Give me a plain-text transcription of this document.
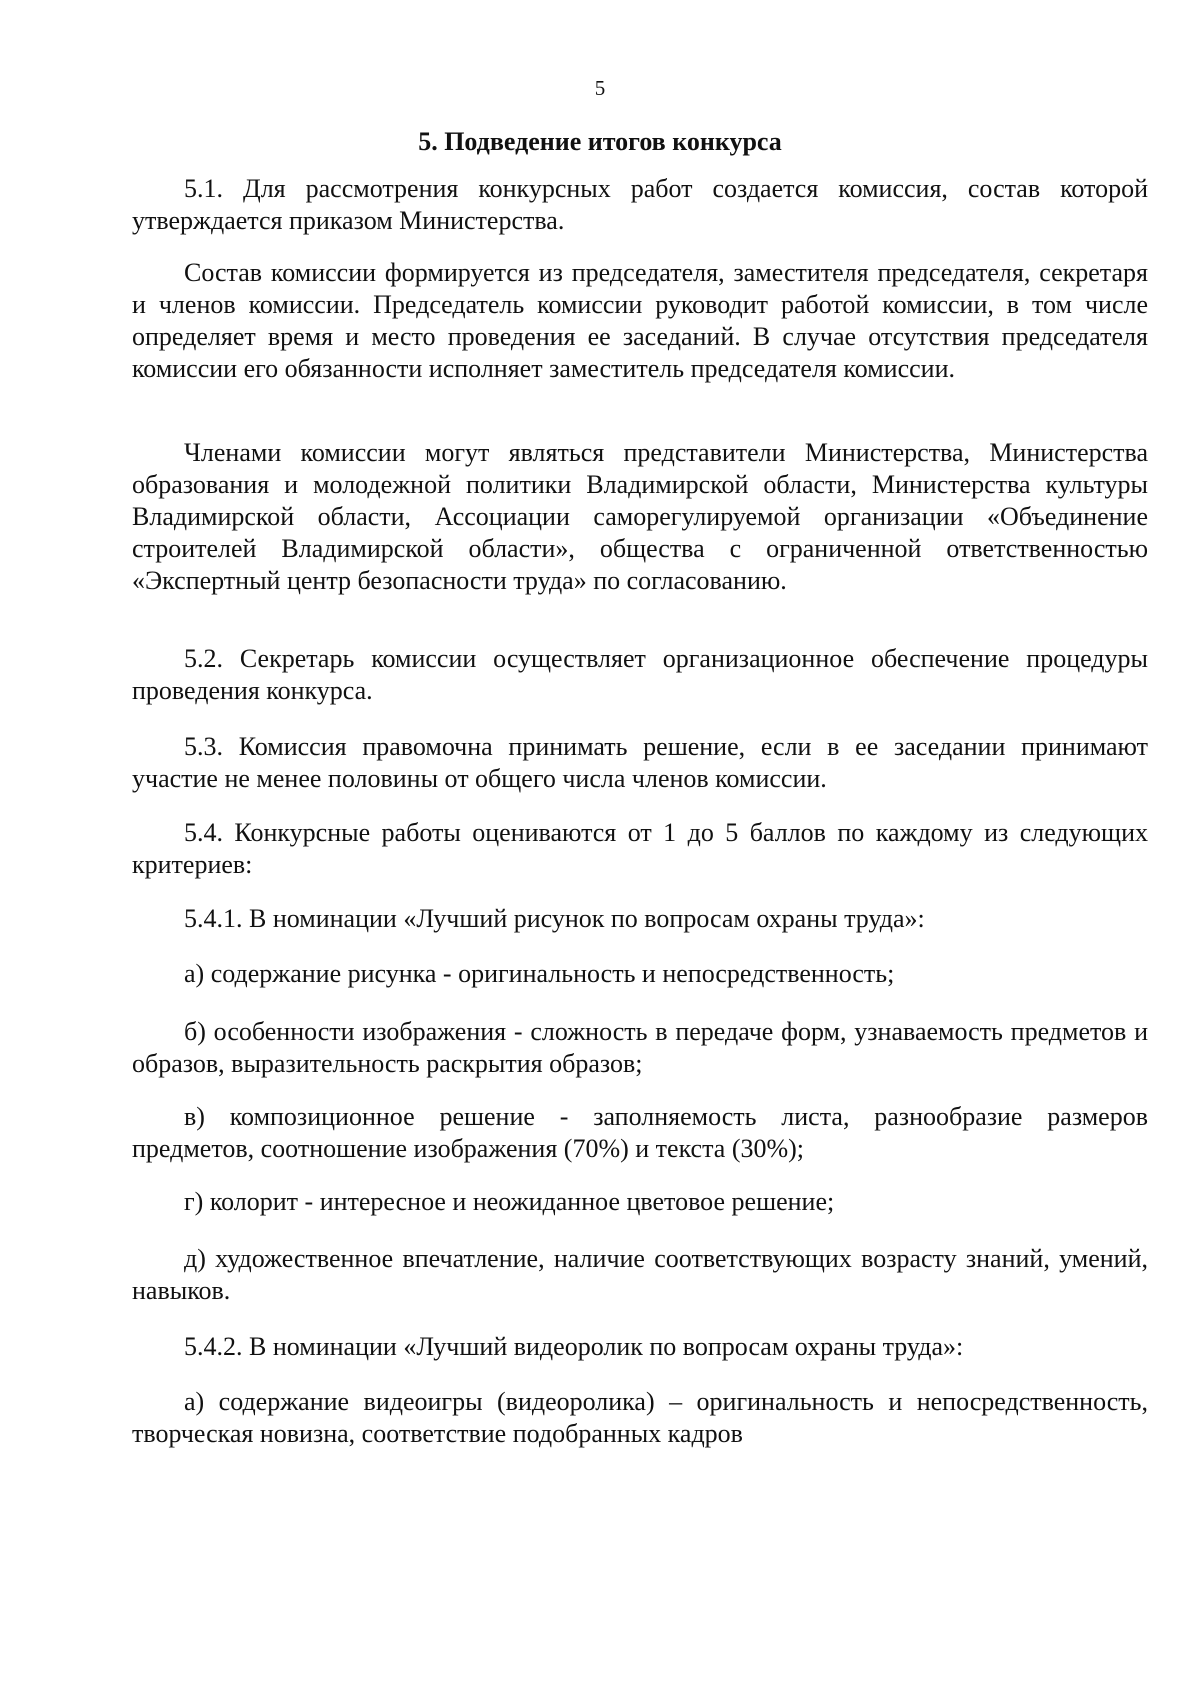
5
5. Подведение итогов конкурса

5.1. Для рассмотрения конкурсных работ создается комиссия, состав которой утверждается приказом Министерства.

Состав комиссии формируется из председателя, заместителя председателя, секретаря и членов комиссии. Председатель комиссии руководит работой комиссии, в том числе определяет время и место проведения ее заседаний. В случае отсутствия председателя комиссии его обязанности исполняет заместитель председателя комиссии.

Членами комиссии могут являться представители Министерства, Министерства образования и молодежной политики Владимирской области, Министерства культуры Владимирской области, Ассоциации саморегулируемой организации «Объединение строителей Владимирской области», общества с ограниченной ответственностью «Экспертный центр безопасности труда» по согласованию.

5.2. Секретарь комиссии осуществляет организационное обеспечение процедуры проведения конкурса.

5.3. Комиссия правомочна принимать решение, если в ее заседании принимают участие не менее половины от общего числа членов комиссии.

5.4. Конкурсные работы оцениваются от 1 до 5 баллов по каждому из следующих критериев:

5.4.1. В номинации «Лучший рисунок по вопросам охраны труда»:

а) содержание рисунка - оригинальность и непосредственность;

б) особенности изображения - сложность в передаче форм, узнаваемость предметов и образов, выразительность раскрытия образов;

в) композиционное решение - заполняемость листа, разнообразие размеров предметов, соотношение изображения (70%) и текста (30%);

г) колорит - интересное и неожиданное цветовое решение;

д) художественное впечатление, наличие соответствующих возрасту знаний, умений, навыков.

5.4.2. В номинации «Лучший видеоролик по вопросам охраны труда»:

а) содержание видеоигры (видеоролика) – оригинальность и непосредственность, творческая новизна, соответствие подобранных кадров
